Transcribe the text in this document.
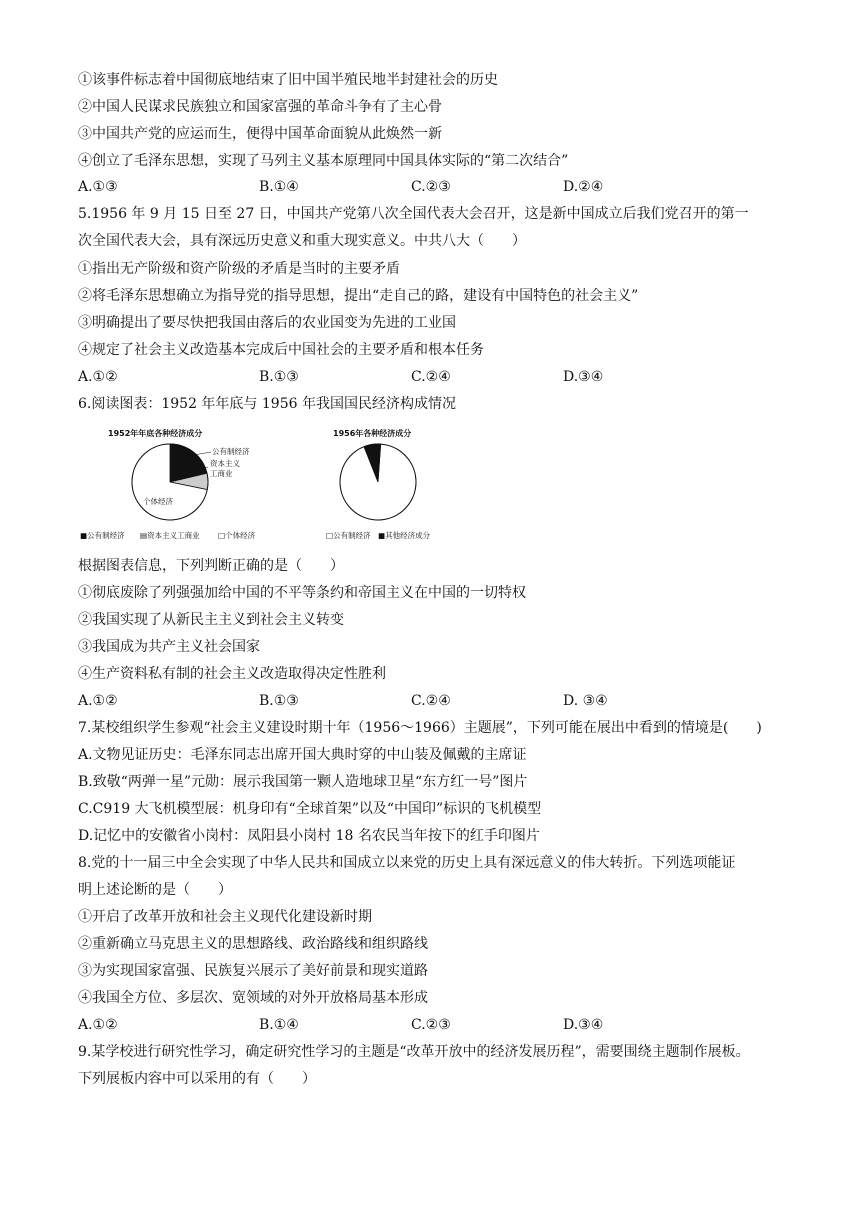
①该事件标志着中国彻底地结束了旧中国半殖民地半封建社会的历史
②中国人民谋求民族独立和国家富强的革命斗争有了主心骨
③中国共产党的应运而生，便得中国革命面貌从此焕然一新
④创立了毛泽东思想，实现了马列主义基本原理同中国具体实际的“第二次结合”
A.①③	B.①④	C.②③	D.②④
5.1956 年 9 月 15 日至 27 日，中国共产党第八次全国代表大会召开，这是新中国成立后我们党召开的第一
次全国代表大会，具有深远历史意义和重大现实意义。中共八大（　　）
①指出无产阶级和资产阶级的矛盾是当时的主要矛盾
②将毛泽东思想确立为指导党的指导思想，提出“走自己的路，建设有中国特色的社会主义”
③明确提出了要尽快把我国由落后的农业国变为先进的工业国
④规定了社会主义改造基本完成后中国社会的主要矛盾和根本任务
A.①②	B.①③	C.②④	D.③④
6.阅读图表：1952 年年底与 1956 年我国国民经济构成情况
1952年年底各种经济成分	1956年各种经济成分
公有制经济
资本主义
工商业
个体经济
■公有制经济 ▤资本主义工商业 □个体经济	□公有制经济 ■其他经济成分
根据图表信息，下列判断正确的是（　　）
①彻底废除了列强强加给中国的不平等条约和帝国主义在中国的一切特权
②我国实现了从新民主主义到社会主义转变
③我国成为共产主义社会国家
④生产资料私有制的社会主义改造取得决定性胜利
A.①②	B.①③	C.②④	D. ③④
7.某校组织学生参观“社会主义建设时期十年（1956～1966）主题展”，下列可能在展出中看到的情境是(　　)
A.文物见证历史：毛泽东同志出席开国大典时穿的中山装及佩戴的主席证
B.致敬“两弹一星”元勋：展示我国第一颗人造地球卫星“东方红一号”图片
C.C919 大飞机模型展：机身印有“全球首架”以及“中国印”标识的飞机模型
D.记忆中的安徽省小岗村：凤阳县小岗村 18 名农民当年按下的红手印图片
8.党的十一届三中全会实现了中华人民共和国成立以来党的历史上具有深远意义的伟大转折。下列选项能证
明上述论断的是（　　）
①开启了改革开放和社会主义现代化建设新时期
②重新确立马克思主义的思想路线、政治路线和组织路线
③为实现国家富强、民族复兴展示了美好前景和现实道路
④我国全方位、多层次、宽领域的对外开放格局基本形成
A.①②	B.①④	C.②③	D.③④
9.某学校进行研究性学习，确定研究性学习的主题是“改革开放中的经济发展历程”，需要围绕主题制作展板。
下列展板内容中可以采用的有（　　）
